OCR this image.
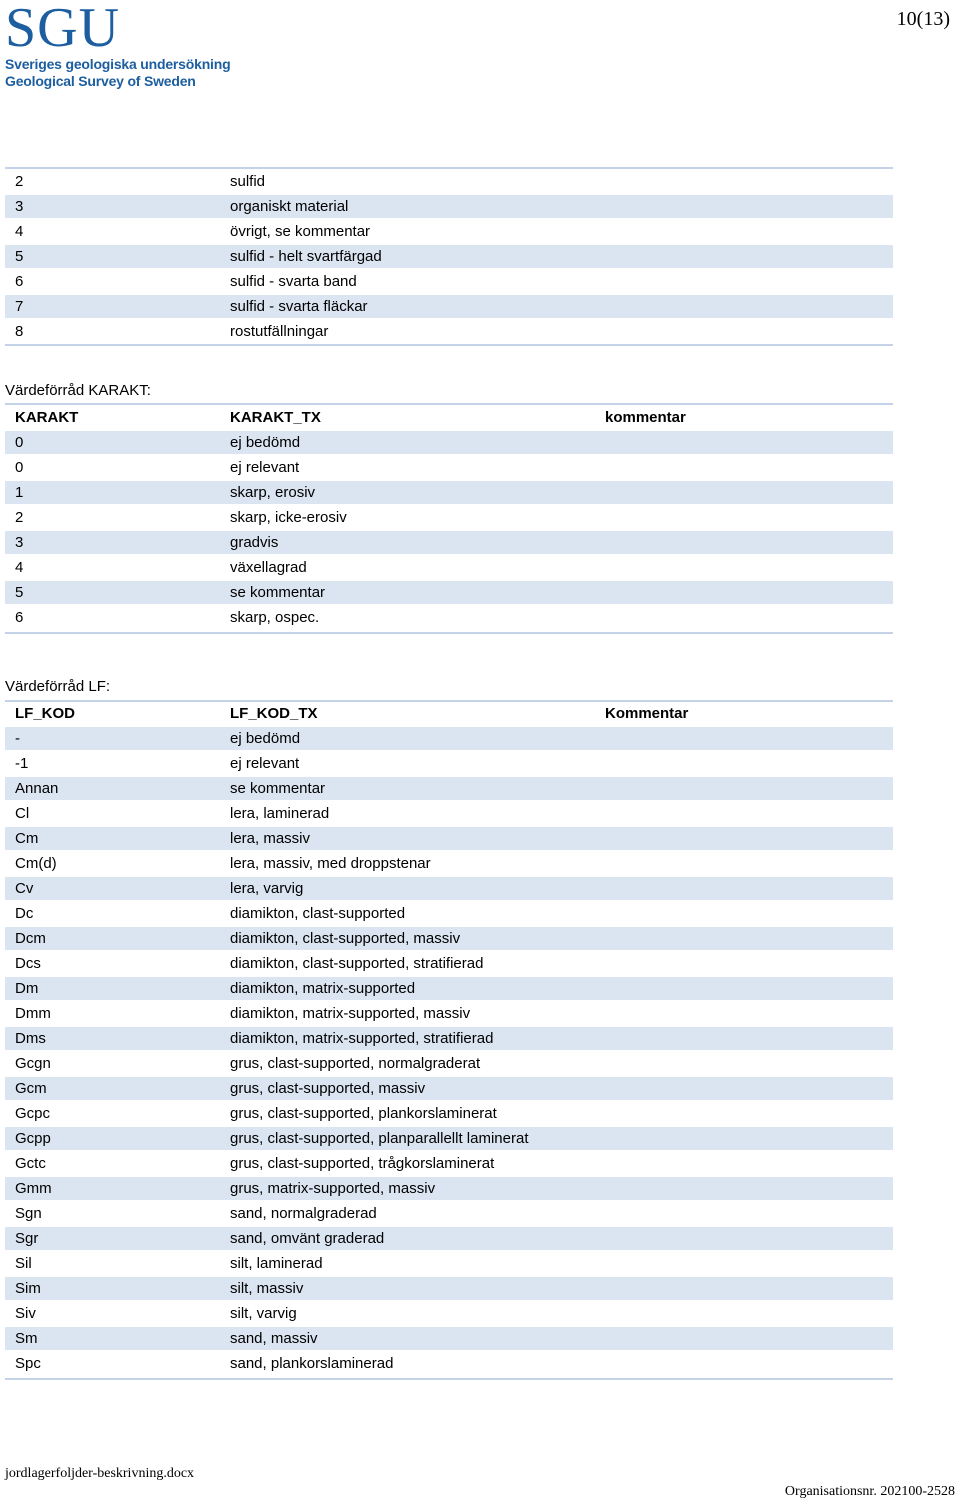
SGU
Sveriges geologiska undersökning
Geological Survey of Sweden
10(13)
2	sulfid	
3	organiskt material	
4	övrigt, se kommentar	
5	sulfid - helt svartfärgad	
6	sulfid - svarta band	
7	sulfid - svarta fläckar	
8	rostutfällningar	
Värdeförråd KARAKT:
KARAKT	KARAKT_TX	kommentar
0	ej bedömd	
0	ej relevant	
1	skarp, erosiv	
2	skarp, icke-erosiv	
3	gradvis	
4	växellagrad	
5	se kommentar	
6	skarp, ospec.	
Värdeförråd LF:
LF_KOD	LF_KOD_TX	Kommentar
-	ej bedömd	
-1	ej relevant	
Annan	se kommentar	
Cl	lera, laminerad	
Cm	lera, massiv	
Cm(d)	lera, massiv, med droppstenar	
Cv	lera, varvig	
Dc	diamikton, clast-supported	
Dcm	diamikton, clast-supported, massiv	
Dcs	diamikton, clast-supported, stratifierad	
Dm	diamikton, matrix-supported	
Dmm	diamikton, matrix-supported, massiv	
Dms	diamikton, matrix-supported, stratifierad	
Gcgn	grus, clast-supported, normalgraderat	
Gcm	grus, clast-supported, massiv	
Gcpc	grus, clast-supported, plankorslaminerat	
Gcpp	grus, clast-supported, planparallellt laminerat	
Gctc	grus, clast-supported, trågkorslaminerat	
Gmm	grus, matrix-supported, massiv	
Sgn	sand, normalgraderad	
Sgr	sand, omvänt graderad	
Sil	silt, laminerad	
Sim	silt, massiv	
Siv	silt, varvig	
Sm	sand, massiv	
Spc	sand, plankorslaminerad	
jordlagerfoljder-beskrivning.docx
Organisationsnr. 202100-2528
